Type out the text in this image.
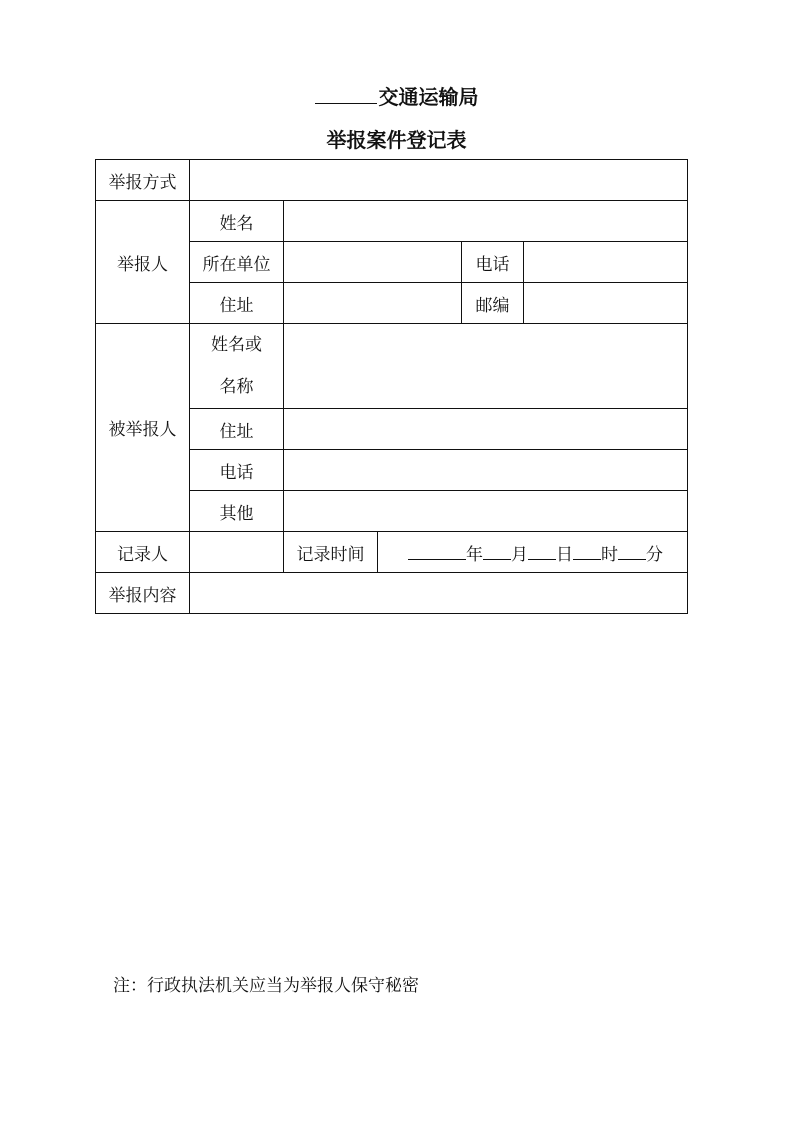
交通运输局
举报案件登记表
举报方式					
举报人	姓名				
	所在单位			电话	
	住址			邮编	
被举报人	姓名或
名称				

	住址				
	电话				
	其他				
记录人		记录时间	年 月 日 时 分		
举报内容					
注：行政执法机关应当为举报人保守秘密
